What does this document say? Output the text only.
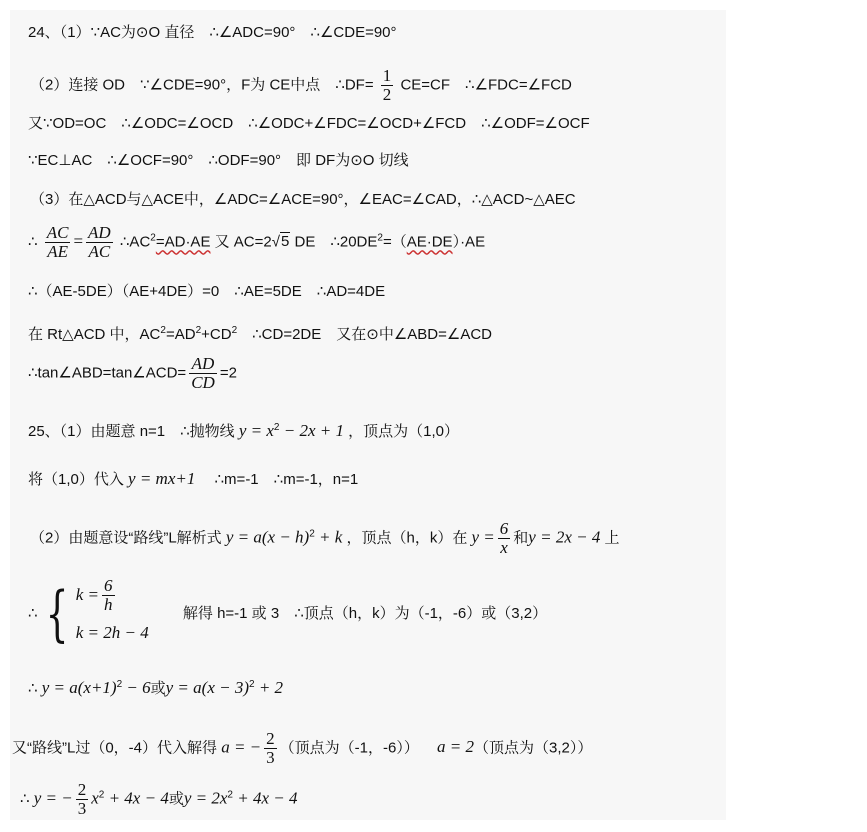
24、（1）∵AC为⊙O 直径　∴∠ADC=90°　∴∠CDE=90°
（2）连接 OD　∵∠CDE=90°，F为 CE中点　∴DF= $\frac{1}{2} CE=CF$　∴∠FDC=∠FCD
又∵OD=OC　∴∠ODC=∠OCD　∴∠ODC+∠FDC=∠OCD+∠FCD　∴∠ODF=∠OCF
∵EC⊥AC　∴∠OCF=90°　∴ODF=90°　即 DF为⊙O 切线
（3）在△ACD与△ACE中，∠ADC=∠ACE=90°，∠EAC=∠CAD，∴△ACD~△AEC
∴ $\frac{AC}{AE} = \frac{AD}{AC}$ $\therefore AC^2=AD\cdot AE$ 又 AC=2√5 DE　$\therefore 20DE^2=(AE\cdot DE)\cdot AE$
∴（AE-5DE）（AE+4DE）=0　∴AE=5DE　∴AD=4DE
在 Rt△ACD 中，$AC^2=AD^2+CD^2$　∴CD=2DE　又在⊙中∠ABD=∠ACD
∴tan∠ABD=tan∠ACD= $\frac{AD}{CD} =2$
25、（1）由题意 n=1　∴抛物线 $y = x^2 - 2x + 1$ ，顶点为（1,0）
将（1,0）代入 y = mx+1 　∴m=-1　∴m=-1，n=1
（2）由题意设“路线”L解析式 $y = a(x - h)^2 + k$ ，顶点（h，k）在 $y = \frac{6}{x}$ 和y = 2x − 4 上
∴ { $k = \frac{6}{h}$
k = 2h − 4
解得 h=-1 或 3　∴顶点（h，k）为（-1，-6）或（3,2）
∴ $y = a(x+1)^2 - 6$或$y = a(x - 3)^2 + 2$
又“路线”L过（0，-4）代入解得 a = − $\frac{2}{3}$ （顶点为（-1，-6）） a = 2（顶点为（3,2））
∴ y = − $\frac{2}{3} x^2 + 4x - 4$或$y = 2x^2 + 4x - 4$
